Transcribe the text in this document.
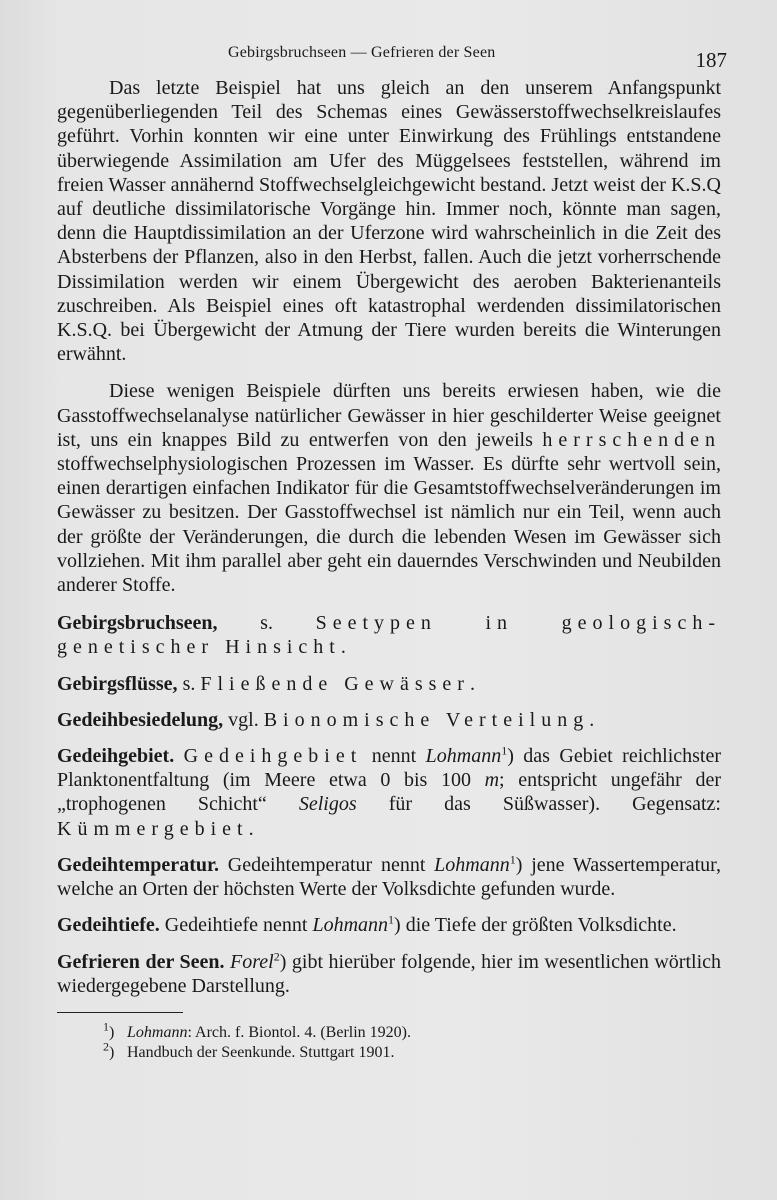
Gebirgsbruchseen — Gefrieren der Seen	187

Das letzte Beispiel hat uns gleich an den unserem Anfangspunkt gegenüberliegenden Teil des Schemas eines Gewässerstoffwechselkreislaufes geführt. Vorhin konnten wir eine unter Einwirkung des Frühlings entstandene überwiegende Assimilation am Ufer des Müggelsees feststellen, während im freien Wasser annähernd Stoffwechselgleichgewicht bestand. Jetzt weist der K.S.Q auf deutliche dissimilatorische Vorgänge hin. Immer noch, könnte man sagen, denn die Hauptdissimilation an der Uferzone wird wahrscheinlich in die Zeit des Absterbens der Pflanzen, also in den Herbst, fallen. Auch die jetzt vorherrschende Dissimilation werden wir einem Übergewicht des aeroben Bakterienanteils zuschreiben. Als Beispiel eines oft katastrophal werdenden dissimilatorischen K.S.Q. bei Übergewicht der Atmung der Tiere wurden bereits die Winterungen erwähnt.

Diese wenigen Beispiele dürften uns bereits erwiesen haben, wie die Gasstoffwechselanalyse natürlicher Gewässer in hier geschilderter Weise geeignet ist, uns ein knappes Bild zu entwerfen von den jeweils herrschenden stoffwechselphysiologischen Prozessen im Wasser. Es dürfte sehr wertvoll sein, einen derartigen einfachen Indikator für die Gesamtstoffwechselveränderungen im Gewässer zu besitzen. Der Gasstoffwechsel ist nämlich nur ein Teil, wenn auch der größte der Veränderungen, die durch die lebenden Wesen im Gewässer sich vollziehen. Mit ihm parallel aber geht ein dauerndes Verschwinden und Neubilden anderer Stoffe.

Gebirgsbruchseen, s. Seetypen in geologisch-genetischer Hinsicht.

Gebirgsflüsse, s. Fließende Gewässer.

Gedeihbesiedelung, vgl. Bionomische Verteilung.

Gedeihgebiet. Gedeihgebiet nennt Lohmann$^1$) das Gebiet reichlichster Planktonentfaltung (im Meere etwa 0 bis 100 m; entspricht ungefähr der „trophogenen Schicht“ Seligos für das Süßwasser). Gegensatz: Kümmergebiet.

Gedeihtemperatur. Gedeihtemperatur nennt Lohmann$^1$) jene Wassertemperatur, welche an Orten der höchsten Werte der Volksdichte gefunden wurde.

Gedeihtiefe. Gedeihtiefe nennt Lohmann$^1$) die Tiefe der größten Volksdichte.

Gefrieren der Seen. Forel$^2$) gibt hierüber folgende, hier im wesentlichen wörtlich wiedergegebene Darstellung.

$^1$) Lohmann: Arch. f. Biontol. 4. (Berlin 1920).
$^2$) Handbuch der Seenkunde. Stuttgart 1901.
